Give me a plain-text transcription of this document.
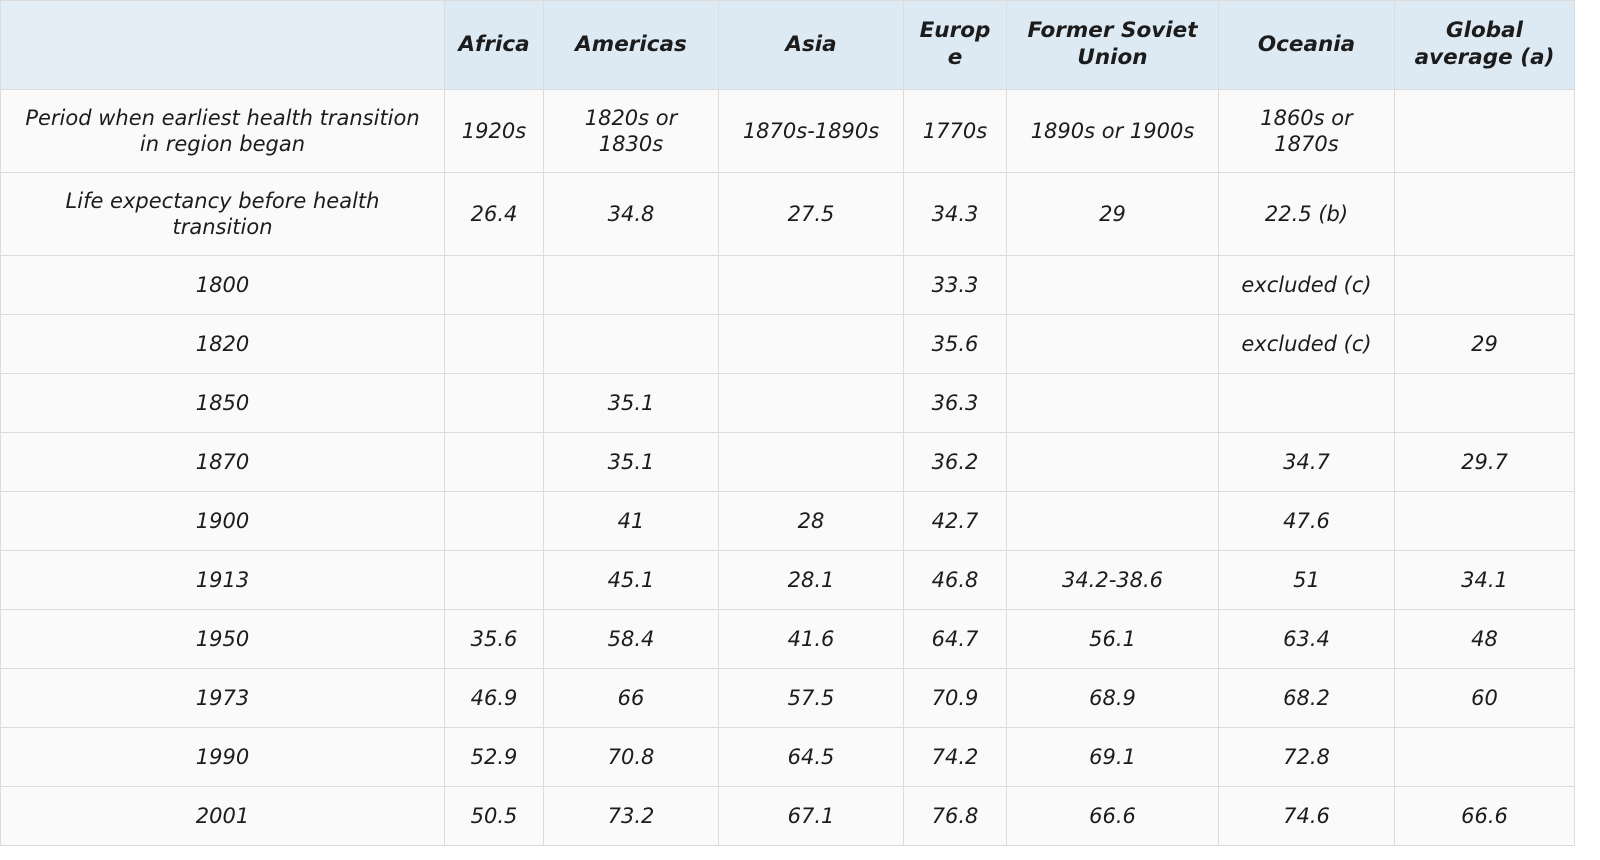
	Africa	Americas	Asia	Europe	Former Soviet Union	Oceania	Global average (a)
Period when earliest health transition in region began	1920s	1820s or 1830s	1870s-1890s	1770s	1890s or 1900s	1860s or 1870s	
Life expectancy before health transition	26.4	34.8	27.5	34.3	29	22.5 (b)	
1800				33.3		excluded (c)	
1820				35.6		excluded (c)	29
1850		35.1		36.3			
1870		35.1		36.2		34.7	29.7
1900		41	28	42.7		47.6	
1913		45.1	28.1	46.8	34.2-38.6	51	34.1
1950	35.6	58.4	41.6	64.7	56.1	63.4	48
1973	46.9	66	57.5	70.9	68.9	68.2	60
1990	52.9	70.8	64.5	74.2	69.1	72.8	
2001	50.5	73.2	67.1	76.8	66.6	74.6	66.6
